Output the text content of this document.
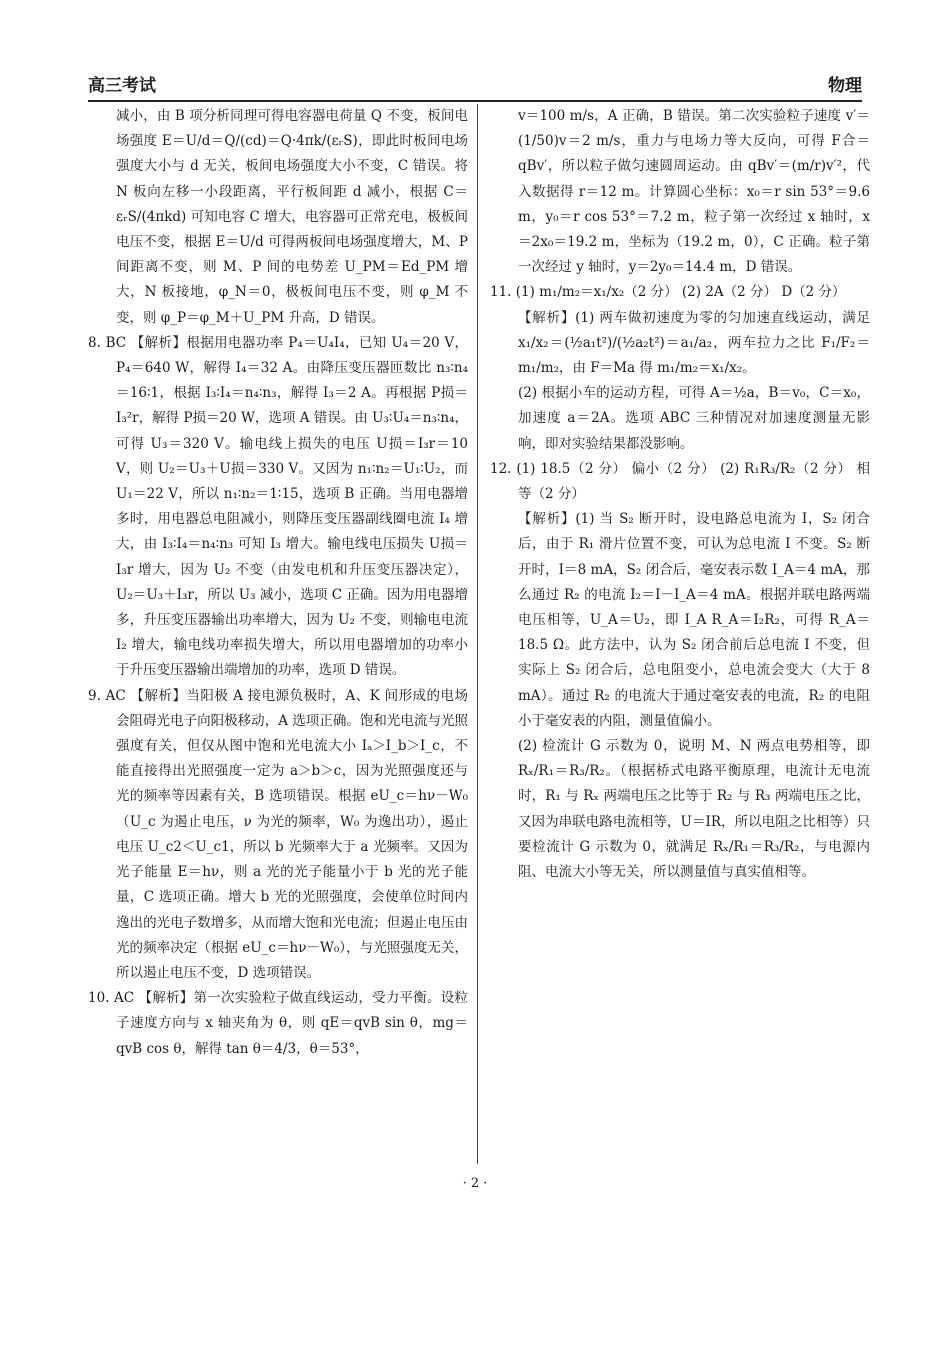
高三考试	物理

减小，由 B 项分析同理可得电容器电荷量 Q 不变，板间电场强度 E＝U/d＝Q/(cd)＝Q·4πk/(εᵣS)，即此时板间电场强度大小与 d 无关，板间电场强度大小不变，C 错误。将 N 板向左移一小段距离，平行板间距 d 减小，根据 C＝εᵣS/(4πkd) 可知电容 C 增大，电容器可正常充电，极板间电压不变，根据 E＝U/d 可得两板间电场强度增大，M、P 间距离不变，则 M、P 间的电势差 U_PM＝Ed_PM 增大，N 板接地，φ_N＝0，极板间电压不变，则 φ_M 不变，则 φ_P＝φ_M＋U_PM 升高，D 错误。

8. BC 【解析】根据用电器功率 P₄＝U₄I₄，已知 U₄＝20 V，P₄＝640 W，解得 I₄＝32 A。由降压变压器匝数比 n₃∶n₄＝16∶1，根据 I₃∶I₄＝n₄∶n₃，解得 I₃＝2 A。再根据 P损＝I₃²r，解得 P损＝20 W，选项 A 错误。由 U₃∶U₄＝n₃∶n₄，可得 U₃＝320 V。输电线上损失的电压 U损＝I₃r＝10 V，则 U₂＝U₃＋U损＝330 V。又因为 n₁∶n₂＝U₁∶U₂，而 U₁＝22 V，所以 n₁∶n₂＝1∶15，选项 B 正确。当用电器增多时，用电器总电阻减小，则降压变压器副线圈电流 I₄ 增大，由 I₃∶I₄＝n₄∶n₃ 可知 I₃ 增大。输电线电压损失 U损＝I₃r 增大，因为 U₂ 不变（由发电机和升压变压器决定），U₂＝U₃＋I₃r，所以 U₃ 减小，选项 C 正确。因为用电器增多，升压变压器输出功率增大，因为 U₂ 不变，则输电电流 I₂ 增大，输电线功率损失增大，所以用电器增加的功率小于升压变压器输出端增加的功率，选项 D 错误。

9. AC 【解析】当阳极 A 接电源负极时，A、K 间形成的电场会阻碍光电子向阳极移动，A 选项正确。饱和光电流与光照强度有关，但仅从图中饱和光电流大小 Iₐ＞I_b＞I_c，不能直接得出光照强度一定为 a＞b＞c，因为光照强度还与光的频率等因素有关，B 选项错误。根据 eU_c＝hν－W₀（U_c 为遏止电压，ν 为光的频率，W₀ 为逸出功），遏止电压 U_c2＜U_c1，所以 b 光频率大于 a 光频率。又因为光子能量 E＝hν，则 a 光的光子能量小于 b 光的光子能量，C 选项正确。增大 b 光的光照强度，会使单位时间内逸出的光电子数增多，从而增大饱和光电流；但遏止电压由光的频率决定（根据 eU_c＝hν－W₀），与光照强度无关，所以遏止电压不变，D 选项错误。

10. AC 【解析】第一次实验粒子做直线运动，受力平衡。设粒子速度方向与 x 轴夹角为 θ，则 qE＝qvB sin θ，mg＝qvB cos θ，解得 tan θ＝4/3，θ＝53°，

v＝100 m/s，A 正确，B 错误。第二次实验粒子速度 v′＝(1/50)v＝2 m/s，重力与电场力等大反向，可得 F合＝qBv′，所以粒子做匀速圆周运动。由 qBv′＝(m/r)v′²，代入数据得 r＝12 m。计算圆心坐标：x₀＝r sin 53°＝9.6 m，y₀＝r cos 53°＝7.2 m，粒子第一次经过 x 轴时，x＝2x₀＝19.2 m，坐标为（19.2 m，0），C 正确。粒子第一次经过 y 轴时，y＝2y₀＝14.4 m，D 错误。

11. (1) m₁/m₂＝x₁/x₂（2 分） (2) 2A（2 分） D（2 分）

【解析】(1) 两车做初速度为零的匀加速直线运动，满足 x₁/x₂＝(½a₁t²)/(½a₂t²)＝a₁/a₂，两车拉力之比 F₁/F₂＝m₁/m₂，由 F＝Ma 得 m₁/m₂＝x₁/x₂。

(2) 根据小车的运动方程，可得 A＝½a，B＝v₀，C＝x₀，加速度 a＝2A。选项 ABC 三种情况对加速度测量无影响，即对实验结果都没影响。

12. (1) 18.5（2 分） 偏小（2 分） (2) R₁R₃/R₂（2 分） 相等（2 分）

【解析】(1) 当 S₂ 断开时，设电路总电流为 I，S₂ 闭合后，由于 R₁ 滑片位置不变，可认为总电流 I 不变。S₂ 断开时，I＝8 mA，S₂ 闭合后，毫安表示数 I_A＝4 mA，那么通过 R₂ 的电流 I₂＝I－I_A＝4 mA。根据并联电路两端电压相等，U_A＝U₂，即 I_A R_A＝I₂R₂，可得 R_A＝18.5 Ω。此方法中，认为 S₂ 闭合前后总电流 I 不变，但实际上 S₂ 闭合后，总电阻变小，总电流会变大（大于 8 mA）。通过 R₂ 的电流大于通过毫安表的电流，R₂ 的电阻小于毫安表的内阻，测量值偏小。

(2) 检流计 G 示数为 0，说明 M、N 两点电势相等，即 Rₓ/R₁＝R₃/R₂。（根据桥式电路平衡原理，电流计无电流时，R₁ 与 Rₓ 两端电压之比等于 R₂ 与 R₃ 两端电压之比，又因为串联电路电流相等，U＝IR，所以电阻之比相等）只要检流计 G 示数为 0，就满足 Rₓ/R₁＝R₃/R₂，与电源内阻、电流大小等无关，所以测量值与真实值相等。

· 2 ·
